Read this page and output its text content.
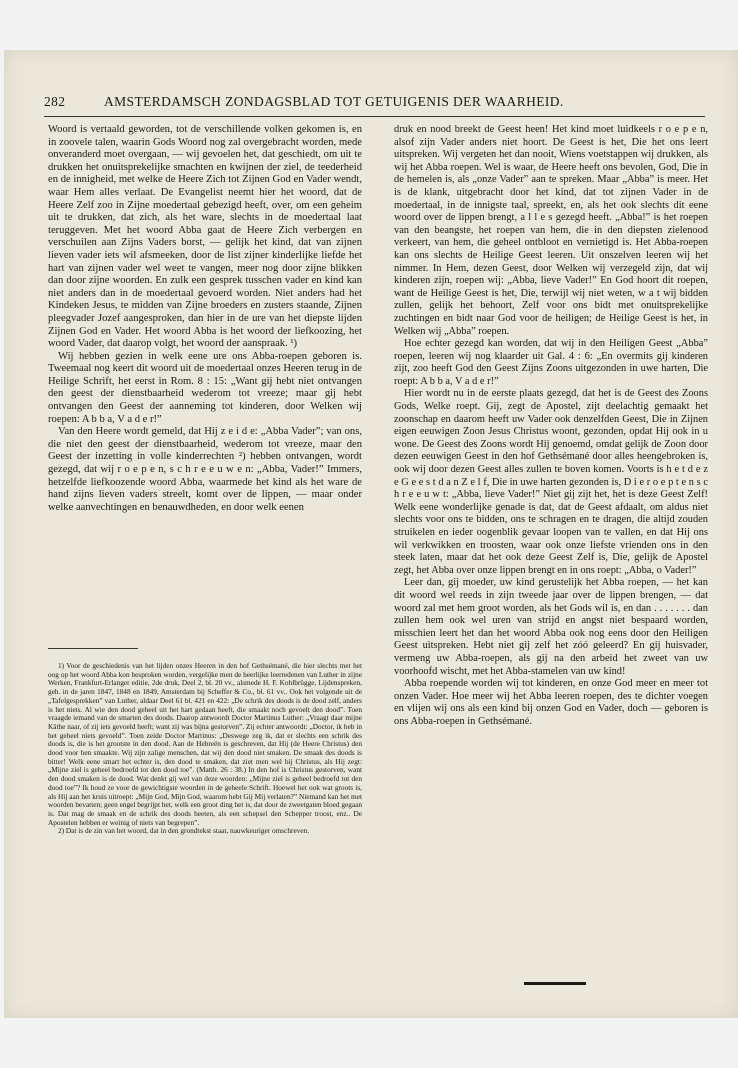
282	AMSTERDAMSCH ZONDAGSBLAD TOT GETUIGENIS DER WAARHEID.

Woord is vertaald geworden, tot de verschillende volken gekomen is, en in zoovele talen, waarin Gods Woord nog zal overgebracht worden, mede onveranderd moet overgaan, — wij gevoelen het, dat geschiedt, om uit te drukken het onuitsprekelijke smachten en kwijnen der ziel, de teederheid en de innigheid, met welke de Heere Zich tot Zijnen God en Vader wendt, waar Hem alles verlaat. De Evangelist neemt hier het woord, dat de Heere Zelf zoo in Zijne moedertaal gebezigd heeft, over, om een geheim uit te drukken, dat zich, als het ware, slechts in de moedertaal laat teruggeven. Met het woord Abba gaat de Heere Zich verbergen en verschuilen aan Zijns Vaders borst, — gelijk het kind, dat van zijnen lieven vader iets wil afsmeeken, door de list zijner kinderlijke liefde het hart van zijnen vader wel weet te vangen, meer nog door zijne blikken dan door zijne woorden. En zulk een gesprek tusschen vader en kind kan niet anders dan in de moedertaal gevoerd worden. Niet anders had het Kindeken Jesus, te midden van Zijne broeders en zusters staande, Zijnen pleegvader Jozef aangesproken, dan hier in de ure van het diepste lijden Zijnen God en Vader. Het woord Abba is het woord der liefkoozing, het woord Vader, dat daarop volgt, het woord der aanspraak. ¹)

Wij hebben gezien in welk eene ure ons Abba-roepen geboren is. Tweemaal nog keert dit woord uit de moedertaal onzes Heeren terug in de Heilige Schrift, het eerst in Rom. 8 : 15: „Want gij hebt niet ontvangen den geest der dienstbaarheid wederom tot vreeze; maar gij hebt ontvangen den Geest der aanneming tot kinderen, door Welken wij roepen: A b b a, V a d e r!”

Van den Heere wordt gemeld, dat Hij z e i d e: „Abba Vader”; van ons, die niet den geest der dienstbaarheid, wederom tot vreeze, maar den Geest der inzetting in volle kinderrechten ²) hebben ontvangen, wordt gezegd, dat wij r o e p e n, s c h r e e u w e n: „Abba, Vader!” Immers, hetzelfde liefkoozende woord Abba, waarmede het kind als het ware de hand zijns lieven vaders streelt, komt over de lippen, — maar onder welke aanvechtingen en benauwdheden, en door welk eenen

1) Voor de geschiedenis van het lijden onzes Heeren in den hof Gethsémané, die hier slechts met het oog op het woord Abba kon besproken worden, vergelijke men de heerlijke leerredenen van Luther in zijne Werken, Frankfurt-Erlanger editie, 2de druk, Deel 2, bl. 20 vv., alsmede H. F. Kohlbrügge, Lijdenspreken, geh. in de jaren 1847, 1848 en 1849, Amsterdam bij Scheffer & Co., bl. 61 vv.. Ook het volgende uit de „Tafelgesprekken” van Luther, aldaar Deel 61 bl. 421 en 422: „De schrik des doods is de dood zelf, anders is het niets. Al wie den dood geheel uit het hart gedaan heeft, die smaakt noch gevoelt den dood”. Toen vraagde iemand van de smarten des doods. Daarop antwoordt Doctor Martinus Luther: „Vraagt daar mijne Käthe naar, of zij iets gevoeld heeft; want zij was bijna gestorven”. Zij echter antwoordt: „Doctor, ik heb in het geheel niets gevoeld”. Toen zeide Doctor Martinus: „Deswege zeg ik, dat er slechts een schrik des doods is, die is het grootste in den dood. Aan de Hebreën is geschreven, dat Hij (de Heere Christus) den dood voor hen smaakte. Wij zijn zalige menschen, dat wij den dood niet smaken. De smaak des doods is bitter! Welk eene smart het echter is, den dood te smaken, dat ziet men wel bij Christus, als Hij zegt: „Mijne ziel is geheel bedroefd tot den dood toe”. (Matth. 26 : 38.) In den hof is Christus gestorven, want den dood smaken is de dood. Wat denkt gij wel van deze woorden: „Mijne ziel is geheel bedroefd tot den dood toe”? Ik houd ze voor de gewichtigste woorden in de geheele Schrift. Hoewel het ook wat groots is, als Hij aan het kruis uitroept: „Mijn God, Mijn God, waarom hebt Gij Mij verlaten?” Niemand kan het met woorden bevatten; geen engel begrijpt het, welk een groot ding het is, dat door de zweetgaten bloed gegaan is. Dat mag de smaak en de schrik des doods heeten, als een schepsel den Schepper troost, enz.. De Apostelen hebben er weinig of niets van begrepen”.

2) Dat is de zin van het woord, dat in den grondtekst staat, nauwkeuriger omschreven.

druk en nood breekt de Geest heen! Het kind moet luidkeels r o e p e n, alsof zijn Vader anders niet hoort. De Geest is het, Die het ons leert uitspreken. Wij vergeten het dan nooit, Wiens voetstappen wij drukken, als wij het Abba roepen. Wel is waar, de Heere heeft ons bevolen, God, Die in de hemelen is, als „onze Vader” aan te spreken. Maar „Abba” is meer. Het is de klank, uitgebracht door het kind, dat tot zijnen Vader in de moedertaal, in de innigste taal, spreekt, en, als het ook slechts dit eene woord over de lippen brengt, a l l e s gezegd heeft. „Abba!” is het roepen van den beangste, het roepen van hem, die in den diepsten zielenood verkeert, van hem, die geheel ontbloot en vernietigd is. Het Abba-roepen kan ons slechts de Heilige Geest leeren. Uit onszelven leeren wij het nimmer. In Hem, dezen Geest, door Welken wij verzegeld zijn, dat wij kinderen zijn, roepen wij: „Abba, lieve Vader!” En God hoort dit roepen, want de Heilige Geest is het, Die, terwijl wij niet weten, w a t wij bidden zullen, gelijk het behoort, Zelf voor ons bidt met onuitsprekelijke zuchtingen en bidt naar God voor de heiligen; de Heilige Geest is het, in Welken wij „Abba” roepen.

Hoe echter gezegd kan worden, dat wij in den Heiligen Geest „Abba” roepen, leeren wij nog klaarder uit Gal. 4 : 6: „En overmits gij kinderen zijt, zoo heeft God den Geest Zijns Zoons uitgezonden in uwe harten, Die roept: A b b a, V a d e r!”

Hier wordt nu in de eerste plaats gezegd, dat het is de Geest des Zoons Gods, Welke roept. Gij, zegt de Apostel, zijt deelachtig gemaakt het zoonschap en daarom heeft uw Vader ook denzelfden Geest, Die in Zijnen eigen eeuwigen Zoon Jesus Christus woont, gezonden, opdat Hij ook in u wone. De Geest des Zoons wordt Hij genoemd, omdat gelijk de Zoon door dezen eeuwigen Geest in den hof Gethsémané door alles heengebroken is, ook wij door dezen Geest alles zullen te boven komen. Voorts is h e t d e z e G e e s t d a n Z e l f, Die in uwe harten gezonden is, D i e r o e p t e n s c h r e e u w t: „Abba, lieve Vader!” Niet gij zijt het, het is deze Geest Zelf! Welk eene wonderlijke genade is dat, dat de Geest afdaalt, om aldus niet slechts voor ons te bidden, ons te schragen en te dragen, die altijd zouden struikelen en ieder oogenblik gevaar loopen van te vallen, en dat Hij ons wil verkwikken en troosten, waar ook onze liefste vrienden ons in den steek laten, maar dat het ook deze Geest Zelf is, Die, gelijk de Apostel zegt, het Abba over onze lippen brengt en in ons roept: „Abba, o Vader!”

Leer dan, gij moeder, uw kind gerustelijk het Abba roepen, — het kan dit woord wel reeds in zijn tweede jaar over de lippen brengen, — dat woord zal met hem groot worden, als het Gods wil is, en dan . . . . . . . dan zullen hem ook wel uren van strijd en angst niet bespaard worden, misschien leert het dan het woord Abba ook nog eens door den Heiligen Geest uitspreken. Hebt niet gij zelf het zóó geleerd? En gij huisvader, vermeng uw Abba-roepen, als gij na den arbeid het zweet van uw voorhoofd wischt, met het Abba-stamelen van uw kind!

Abba roepende worden wij tot kinderen, en onze God meer en meer tot onzen Vader. Hoe meer wij het Abba leeren roepen, des te dichter voegen en vlijen wij ons als een kind bij onzen God en Vader, doch — geboren is ons Abba-roepen in Gethsémané.
